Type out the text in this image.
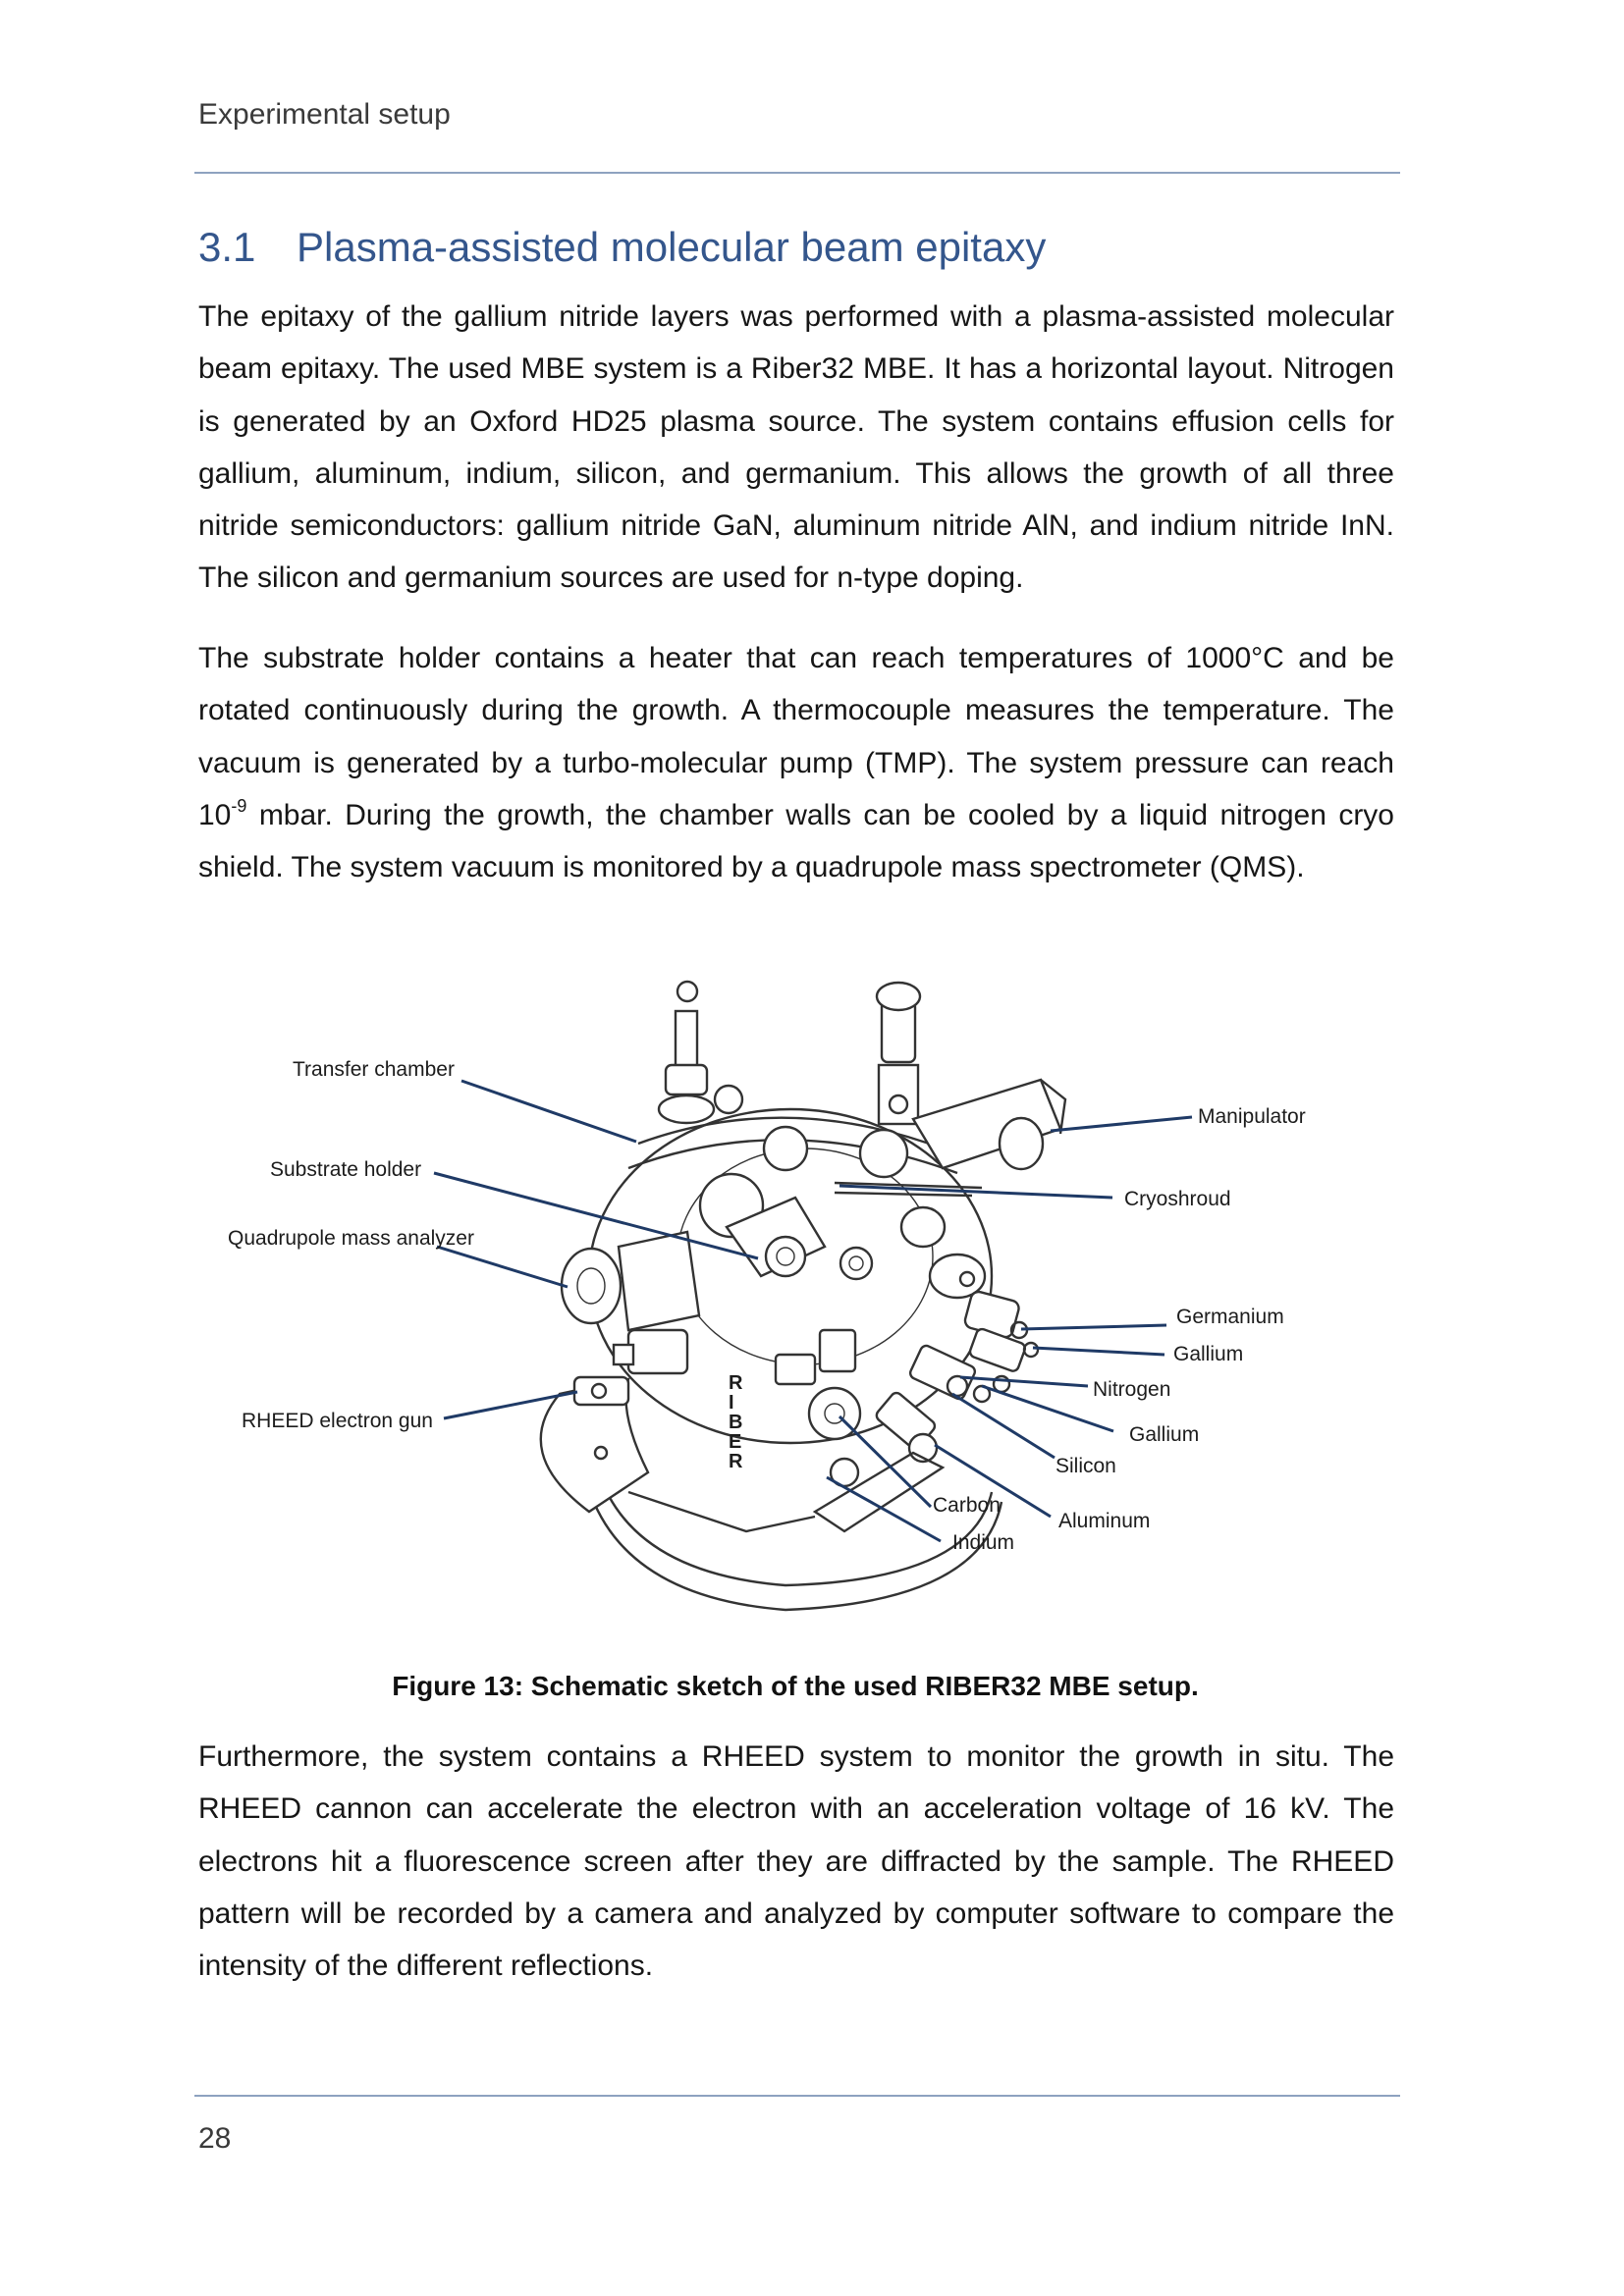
Experimental setup
3.1 Plasma-assisted molecular beam epitaxy

The epitaxy of the gallium nitride layers was performed with a plasma-assisted molecular beam epitaxy. The used MBE system is a Riber32 MBE. It has a horizontal layout. Nitrogen is generated by an Oxford HD25 plasma source. The system contains effusion cells for gallium, aluminum, indium, silicon, and germanium. This allows the growth of all three nitride semiconductors: gallium nitride GaN, aluminum nitride AlN, and indium nitride InN. The silicon and germanium sources are used for n-type doping.

The substrate holder contains a heater that can reach temperatures of 1000°C and be rotated continuously during the growth. A thermocouple measures the temperature. The vacuum is generated by a turbo-molecular pump (TMP). The system pressure can reach $10^{-9}$ mbar. During the growth, the chamber walls can be cooled by a liquid nitrogen cryo shield. The system vacuum is monitored by a quadrupole mass spectrometer (QMS).

R I B E R
Transfer chamber
Manipulator
Substrate holder
Cryoshroud
Quadrupole mass analyzer
Germanium
Gallium
Nitrogen
RHEED electron gun
Gallium
Silicon
Carbon
Aluminum
Indium
Figure 13: Schematic sketch of the used RIBER32 MBE setup.

Furthermore, the system contains a RHEED system to monitor the growth in situ. The RHEED cannon can accelerate the electron with an acceleration voltage of 16 kV. The electrons hit a fluorescence screen after they are diffracted by the sample. The RHEED pattern will be recorded by a camera and analyzed by computer software to compare the intensity of the different reflections.

28
